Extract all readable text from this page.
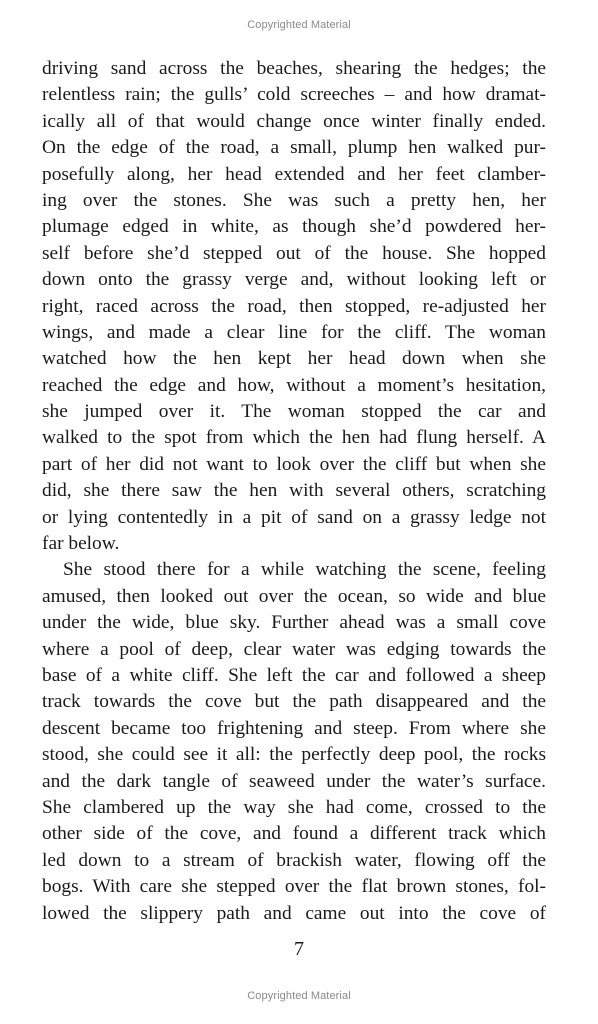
Copyrighted Material
driving sand across the beaches, shearing the hedges; the
relentless rain; the gulls’ cold screeches – and how dramat-
ically all of that would change once winter finally ended.
On the edge of the road, a small, plump hen walked pur-
posefully along, her head extended and her feet clamber-
ing over the stones. She was such a pretty hen, her
plumage edged in white, as though she’d powdered her-
self before she’d stepped out of the house. She hopped
down onto the grassy verge and, without looking left or
right, raced across the road, then stopped, re-adjusted her
wings, and made a clear line for the cliff. The woman
watched how the hen kept her head down when she
reached the edge and how, without a moment’s hesitation,
she jumped over it. The woman stopped the car and
walked to the spot from which the hen had flung herself. A
part of her did not want to look over the cliff but when she
did, she there saw the hen with several others, scratching
or lying contentedly in a pit of sand on a grassy ledge not
far below.
She stood there for a while watching the scene, feeling
amused, then looked out over the ocean, so wide and blue
under the wide, blue sky. Further ahead was a small cove
where a pool of deep, clear water was edging towards the
base of a white cliff. She left the car and followed a sheep
track towards the cove but the path disappeared and the
descent became too frightening and steep. From where she
stood, she could see it all: the perfectly deep pool, the rocks
and the dark tangle of seaweed under the water’s surface.
She clambered up the way she had come, crossed to the
other side of the cove, and found a different track which
led down to a stream of brackish water, flowing off the
bogs. With care she stepped over the flat brown stones, fol-
lowed the slippery path and came out into the cove of
7
Copyrighted Material
